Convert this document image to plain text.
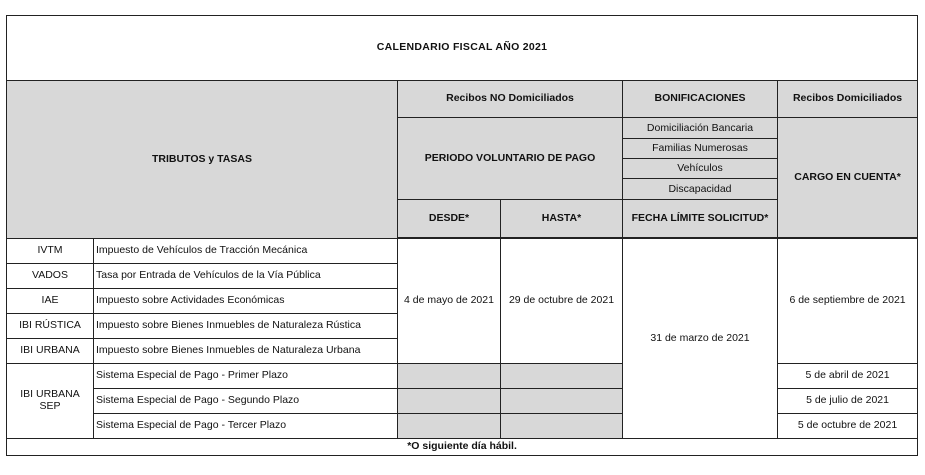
CALENDARIO FISCAL AÑO 2021					
TRIBUTOS y TASAS		Recibos NO Domiciliados		BONIFICACIONES	Recibos Domiciliados
		PERIODO VOLUNTARIO DE PAGO		Domiciliación Bancaria
Familias Numerosas
Vehículos
Discapacidad	CARGO EN CUENTA*
		DESDE*	HASTA*	FECHA LÍMITE SOLICITUD*	

IVTM	Impuesto de Vehículos de Tracción Mecánica	4 de mayo de 2021	29 de octubre de 2021	31 de marzo de 2021	6 de septiembre de 2021
VADOS	Tasa por Entrada de Vehículos de la Vía Pública				
IAE	Impuesto sobre Actividades Económicas				
IBI RÚSTICA	Impuesto sobre Bienes Inmuebles de Naturaleza Rústica				
IBI URBANA	Impuesto sobre Bienes Inmuebles de Naturaleza Urbana				
IBI URBANA SEP	Sistema Especial de Pago - Primer Plazo				5 de abril de 2021
	Sistema Especial de Pago - Segundo Plazo				5 de julio de 2021
	Sistema Especial de Pago - Tercer Plazo				5 de octubre de 2021
*O siguiente día hábil.					
